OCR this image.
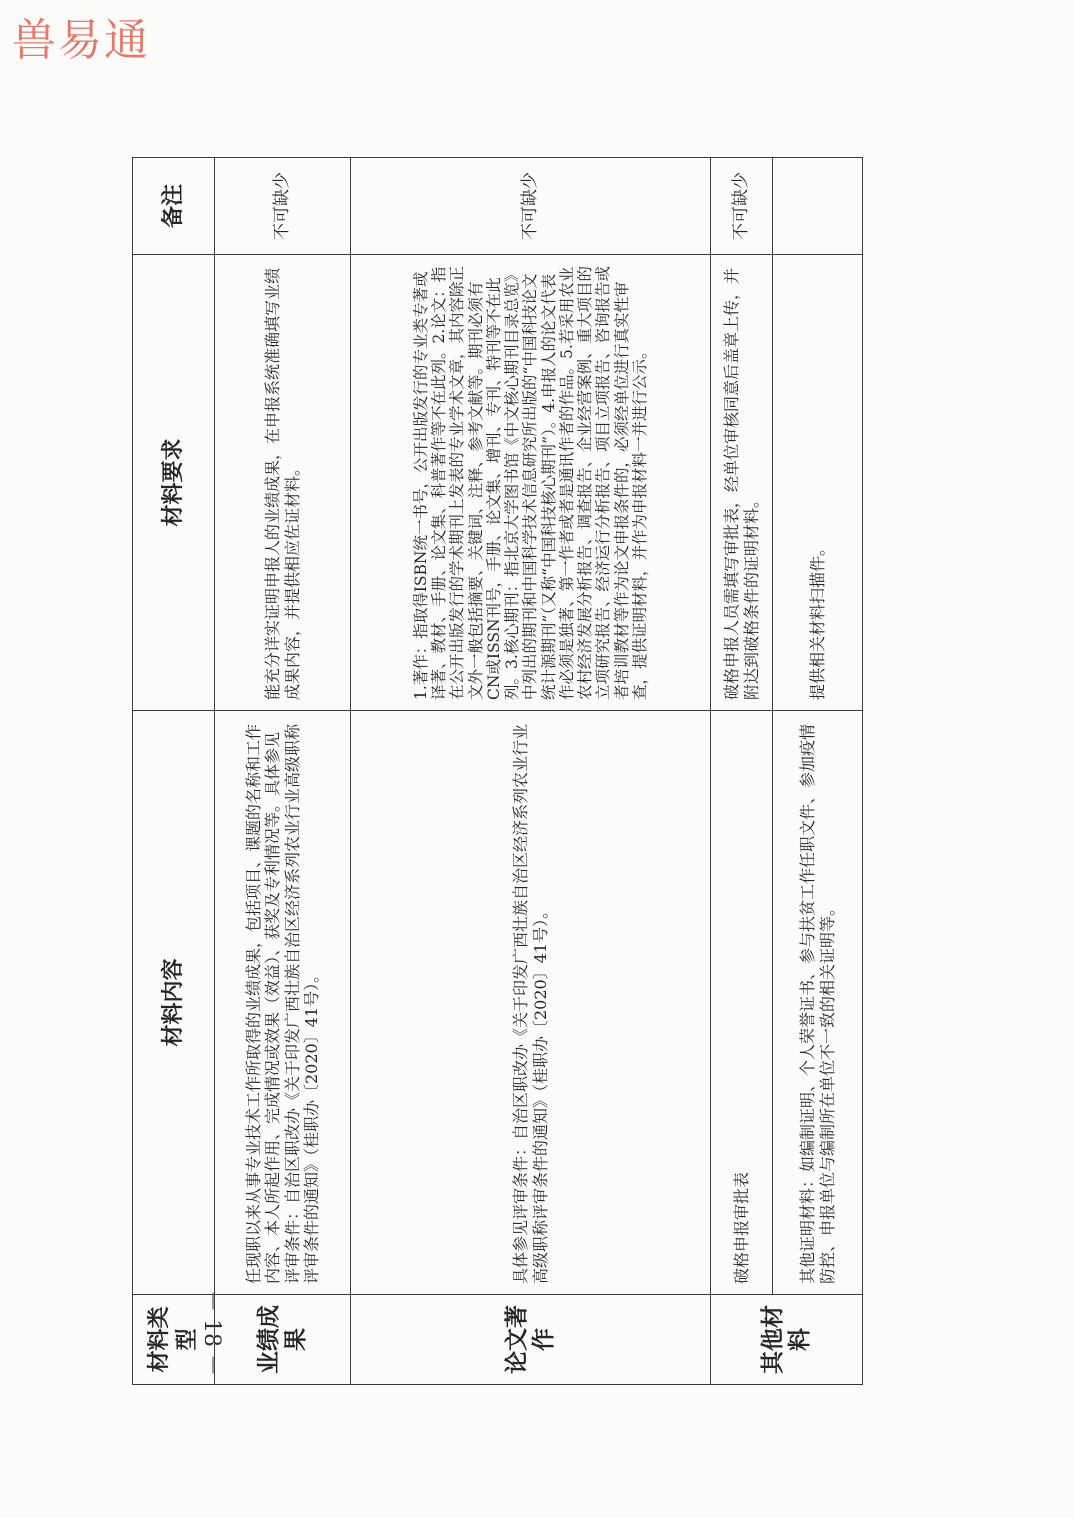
兽易通
－ 18 －
材料类型	材料内容	材料要求	备注
业绩成果	任现职以来从事专业技术工作所取得的业绩成果，包括项目、课题的名称和工作内容、本人所起作用、完成情况或效果（效益）、获奖及专利情况等。具体参见评审条件：自治区职改办《关于印发广西壮族自治区经济系列农业行业高级职称评审条件的通知》（桂职办〔2020〕41号）。	能充分详实证明申报人的业绩成果，在申报系统准确填写业绩成果内容，并提供相应佐证材料。	不可缺少
论文著作	具体参见评审条件：自治区职改办《关于印发广西壮族自治区经济系列农业行业高级职称评审条件的通知》（桂职办〔2020〕41号）。	1.著作：指取得ISBN统一书号，公开出版发行的专业类专著或译著、教材、手册、论文集、科普著作等不在此列。2.论文：指在公开出版发行的学术期刊上发表的专业学术文章，其内容除正文外一般包括摘要、关键词、注释、参考文献等。期刊必须有CN或ISSN刊号，手册、论文集、增刊、专刊、特刊等不在此列。3.核心期刊：指北京大学图书馆《中文核心期刊目录总览》中列出的期刊和中国科学技术信息研究所出版的“中国科技论文统计源期刊”（又称“中国科技核心期刊”）。4.申报人的论文代表作必须是独著、第一作者或者是通讯作者的作品。5.若采用农业农村经济发展分析报告、调查报告、企业经营案例、重大项目的立项研究报告、经济运行分析报告、项目立项报告、咨询报告或者培训教材等作为论文申报条件的，必须经单位进行真实性审查，提供证明材料，并作为申报材料一并进行公示。	不可缺少
其他材料	破格申报审批表	破格申报人员需填写审批表，经单位审核同意后盖章上传，并附达到破格条件的证明材料。	不可缺少
	其他证明材料：如编制证明、个人荣誉证书、参与扶贫工作任职文件、参加疫情防控、申报单位与编制所在单位不一致的相关证明等。	提供相关材料扫描件。	
